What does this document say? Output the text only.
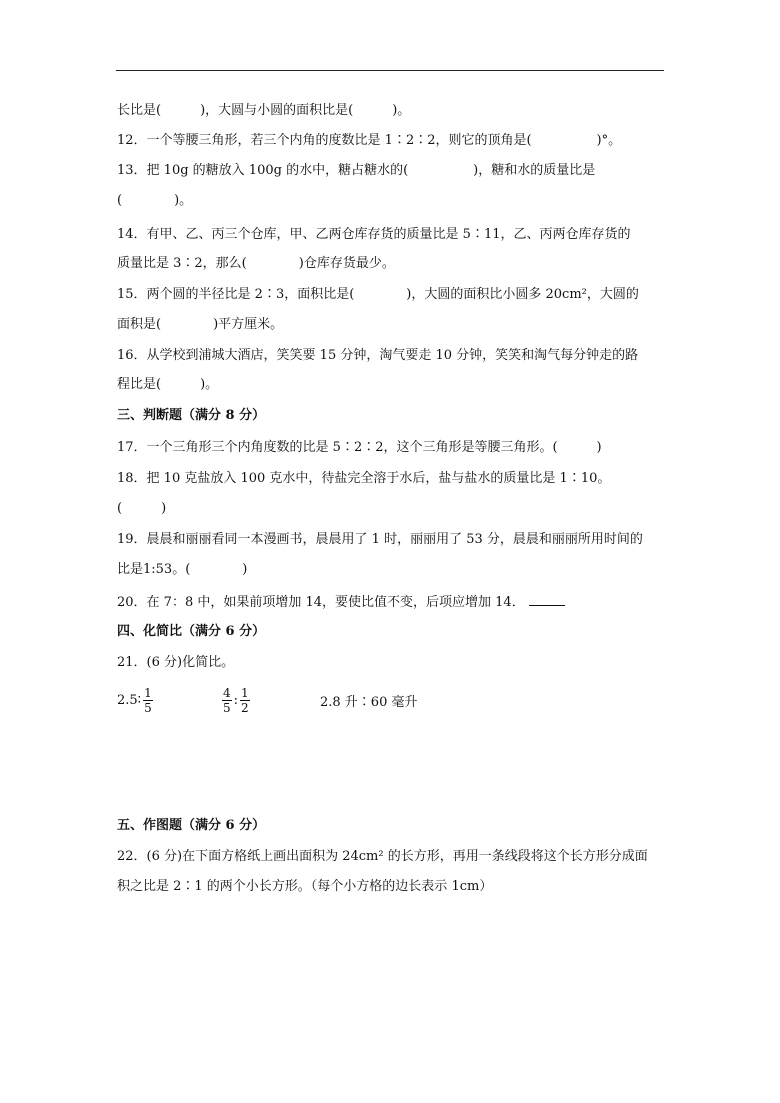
长比是(　　　)，大圆与小圆的面积比是(　　　)。
12．一个等腰三角形，若三个内角的度数比是 1∶2∶2，则它的顶角是(　　　　　)°。
13．把 10g 的糖放入 100g 的水中，糖占糖水的(　　　　　)，糖和水的质量比是
(　　　　)。
14．有甲、乙、丙三个仓库，甲、乙两仓库存货的质量比是 5∶11，乙、丙两仓库存货的
质量比是 3∶2，那么(　　　　)仓库存货最少。
15．两个圆的半径比是 2∶3，面积比是(　　　　)，大圆的面积比小圆多 20cm²，大圆的
面积是(　　　　)平方厘米。
16．从学校到浦城大酒店，笑笑要 15 分钟，淘气要走 10 分钟，笑笑和淘气每分钟走的路
程比是(　　　)。
三、判断题（满分 8 分）
17．一个三角形三个内角度数的比是 5∶2∶2，这个三角形是等腰三角形。(　　　)
18．把 10 克盐放入 100 克水中，待盐完全溶于水后，盐与盐水的质量比是 1∶10。
(　　　)
19．晨晨和丽丽看同一本漫画书，晨晨用了 1 时，丽丽用了 53 分，晨晨和丽丽所用时间的
比是1:53。(　　　　)
20．在 7：8 中，如果前项增加 14，要使比值不变，后项应增加 14．
四、化简比（满分 6 分）
21．(6 分)化简比。
2.5∶ $\frac{1}{5}$	$\frac{4}{5}$ : $\frac{1}{2}$	2.8 升∶60 毫升
五、作图题（满分 6 分）
22．(6 分)在下面方格纸上画出面积为 24cm² 的长方形，再用一条线段将这个长方形分成面
积之比是 2∶1 的两个小长方形。（每个小方格的边长表示 1cm）
